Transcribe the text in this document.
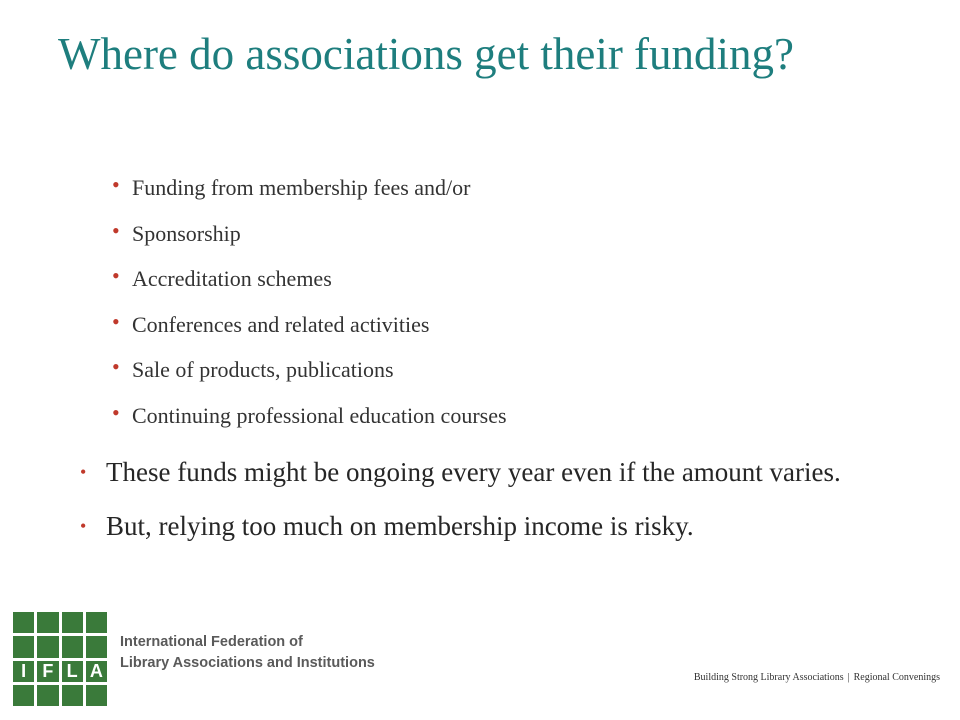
Where do associations get their funding?
• Funding from membership fees and/or
• Sponsorship
• Accreditation schemes
• Conferences and related activities
• Sale of products, publications
• Continuing professional education courses
• These funds might be ongoing every year even if the amount varies.
• But, relying too much on membership income is risky.
I F L A
International Federation of
Library Associations and Institutions
Building Strong Library Associations | Regional Convenings
